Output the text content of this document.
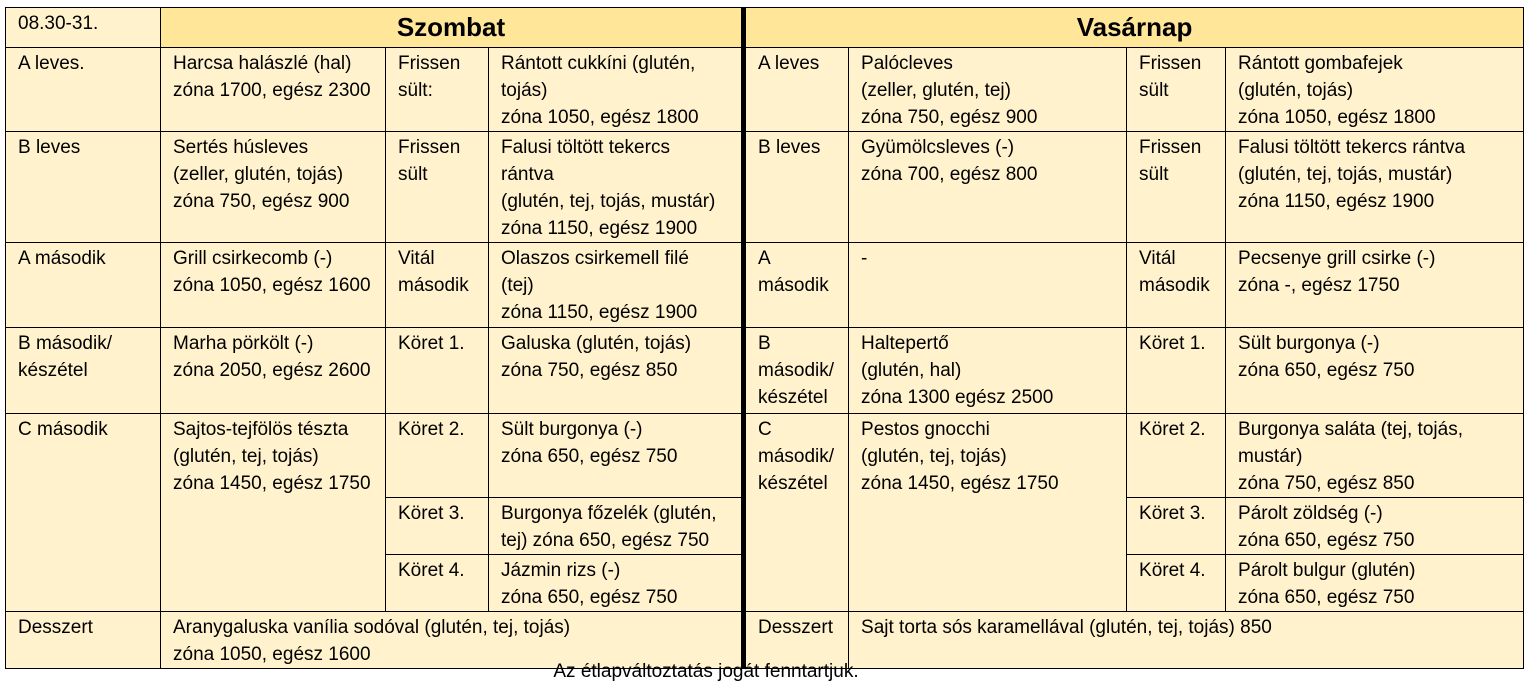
08.30-31.	Szombat			Vasárnap			
A leves.	Harcsa halászlé (hal)
zóna 1700, egész 2300	Frissen
sült:	Rántott cukkíni (glutén,
tojás)
zóna 1050, egész 1800	A leves	Palócleves
(zeller, glutén, tej)
zóna 750, egész 900	Frissen
sült	Rántott gombafejek
(glutén, tojás)
zóna 1050, egész 1800
B leves	Sertés húsleves
(zeller, glutén, tojás)
zóna 750, egész 900	Frissen
sült	Falusi töltött tekercs
rántva
(glutén, tej, tojás, mustár)
zóna 1150, egész 1900	B leves	Gyümölcsleves (-)
zóna 700, egész 800	Frissen
sült	Falusi töltött tekercs rántva
(glutén, tej, tojás, mustár)
zóna 1150, egész 1900
A második	Grill csirkecomb (-)
zóna 1050, egész 1600	Vitál
második	Olaszos csirkemell filé
(tej)
zóna 1150, egész 1900	A
második	-	Vitál
második	Pecsenye grill csirke (-)
zóna -, egész 1750
B második/
készétel	Marha pörkölt (-)
zóna 2050, egész 2600	Köret 1.	Galuska (glutén, tojás)
zóna 750, egész 850	B
második/
készétel	Haltepertő
(glutén, hal)
zóna 1300 egész 2500	Köret 1.	Sült burgonya (-)
zóna 650, egész 750
C második	Sajtos-tejfölös tészta
(glutén, tej, tojás)
zóna 1450, egész 1750	Köret 2.	Sült burgonya (-)
zóna 650, egész 750	C
második/
készétel	Pestos gnocchi
(glutén, tej, tojás)
zóna 1450, egész 1750	Köret 2.	Burgonya saláta (tej, tojás,
mustár)
zóna 750, egész 850
		Köret 3.	Burgonya főzelék (glutén,
tej) zóna 650, egész 750			Köret 3.	Párolt zöldség (-)
zóna 650, egész 750
		Köret 4.	Jázmin rizs (-)
zóna 650, egész 750			Köret 4.	Párolt bulgur (glutén)
zóna 650, egész 750
Desszert	Aranygaluska vanília sodóval (glutén, tej, tojás)
zóna 1050, egész 1600			Desszert	Sajt torta sós karamellával (glutén, tej, tojás) 850		
Az étlapváltoztatás jogát fenntartjuk.
